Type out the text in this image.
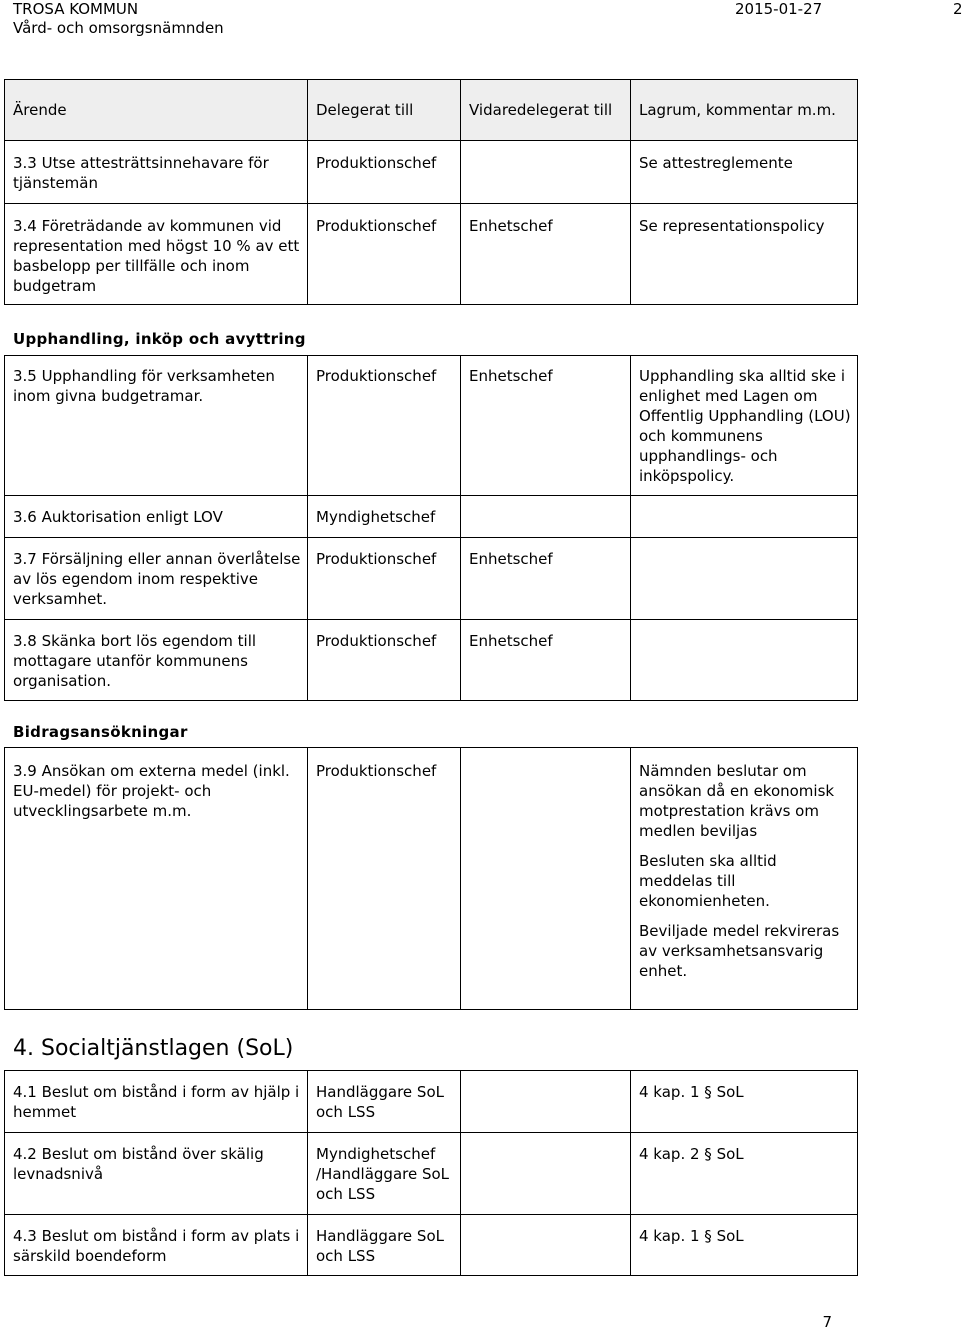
TROSA KOMMUN
Vård- och omsorgsnämnden
2015-01-27	2
Ärende	Delegerat till	Vidaredelegerat till	Lagrum, kommentar m.m.
3.3 Utse attesträttsinnehavare för tjänstemän	Produktionschef		Se attestreglemente
3.4 Företrädande av kommunen vid representation med högst 10 % av ett basbelopp per tillfälle och inom budgetram	Produktionschef	Enhetschef	Se representationspolicy
Upphandling, inköp och avyttring
3.5 Upphandling för verksamheten inom givna budgetramar.	Produktionschef	Enhetschef	Upphandling ska alltid ske i enlighet med Lagen om Offentlig Upphandling (LOU) och kommunens upphandlings- och inköpspolicy.
3.6 Auktorisation enligt LOV	Myndighetschef		
3.7 Försäljning eller annan överlåtelse av lös egendom inom respektive verksamhet.	Produktionschef	Enhetschef	
3.8 Skänka bort lös egendom till mottagare utanför kommunens organisation.	Produktionschef	Enhetschef	
Bidragsansökningar
3.9 Ansökan om externa medel (inkl. EU-medel) för projekt- och utvecklingsarbete m.m.	Produktionschef		Nämnden beslutar om ansökan då en ekonomisk motprestation krävs om medlen beviljas

Besluten ska alltid meddelas till ekonomienheten.

Beviljade medel rekvireras av verksamhetsansvarig enhet.

4. Socialtjänstlagen (SoL)
4.1 Beslut om bistånd i form av hjälp i hemmet	Handläggare SoL och LSS		4 kap. 1 § SoL
4.2 Beslut om bistånd över skälig levnadsnivå	Myndighetschef /Handläggare SoL och LSS		4 kap. 2 § SoL
4.3 Beslut om bistånd i form av plats i särskild boendeform	Handläggare SoL och LSS		4 kap. 1 § SoL
7
